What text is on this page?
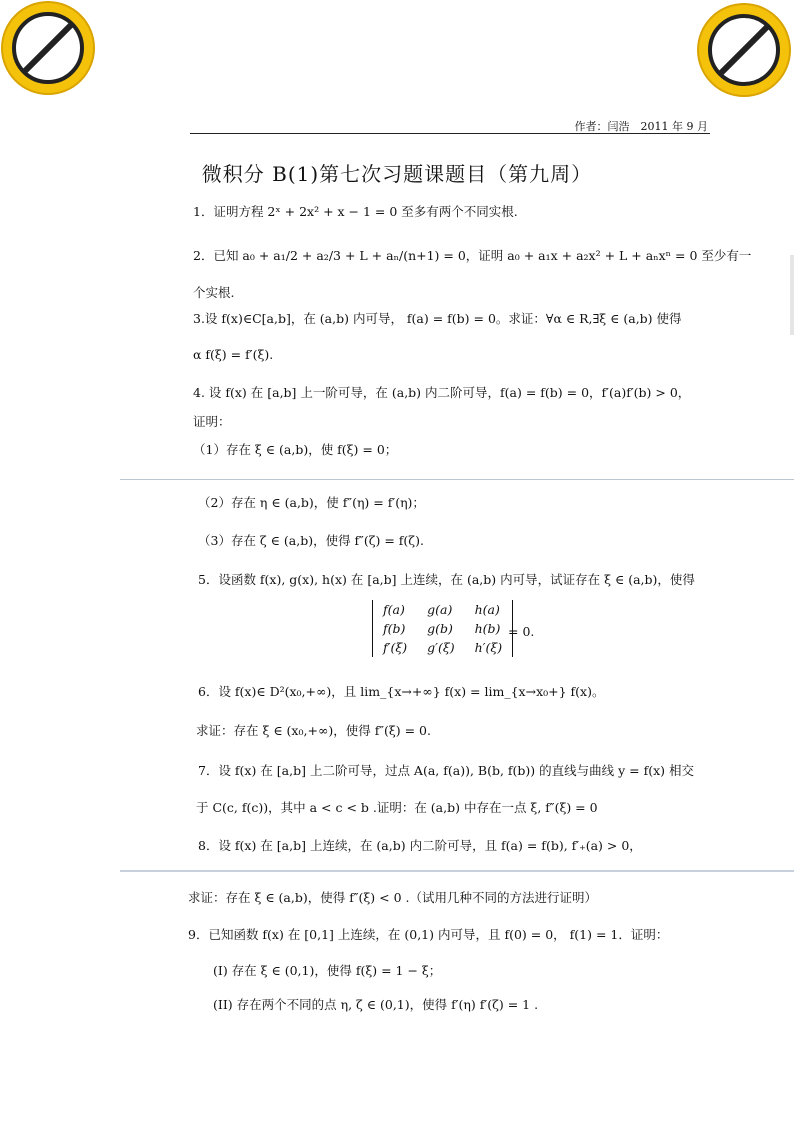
作者：闫浩　2011 年 9 月
微积分 B(1)第七次习题课题目（第九周）
1．证明方程 2ˣ + 2x² + x − 1 = 0 至多有两个不同实根.
2．已知 a₀ + a₁/2 + a₂/3 + L + aₙ/(n+1) = 0，证明 a₀ + a₁x + a₂x² + L + aₙxⁿ = 0 至少有一
个实根.
3.设 f(x)∈C[a,b]，在 (a,b) 内可导， f(a) = f(b) = 0。求证：∀α ∈ R,∃ξ ∈ (a,b) 使得
α f(ξ) = f′(ξ).
4. 设 f(x) 在 [a,b] 上一阶可导，在 (a,b) 内二阶可导，f(a) = f(b) = 0，f′(a)f′(b) > 0，
证明：
（1）存在 ξ ∈ (a,b)，使 f(ξ) = 0；
（2）存在 η ∈ (a,b)，使 f″(η) = f′(η)；
（3）存在 ζ ∈ (a,b)，使得 f″(ζ) = f(ζ).
5．设函数 f(x), g(x), h(x) 在 [a,b] 上连续，在 (a,b) 内可导，试证存在 ξ ∈ (a,b)，使得
f(a)	g(a)	h(a)
f(b)	g(b)	h(b)
f′(ξ)	g′(ξ)	h′(ξ)
= 0.
6．设 f(x)∈ D²(x₀,+∞)，且 lim_{x→+∞} f(x) = lim_{x→x₀+} f(x)。
求证：存在 ξ ∈ (x₀,+∞)，使得 f″(ξ) = 0.
7．设 f(x) 在 [a,b] 上二阶可导，过点 A(a, f(a)), B(b, f(b)) 的直线与曲线 y = f(x) 相交
于 C(c, f(c))，其中 a < c < b .证明：在 (a,b) 中存在一点 ξ, f″(ξ) = 0
8．设 f(x) 在 [a,b] 上连续，在 (a,b) 内二阶可导，且 f(a) = f(b), f′₊(a) > 0，
求证：存在 ξ ∈ (a,b)，使得 f″(ξ) < 0 .（试用几种不同的方法进行证明）
9．已知函数 f(x) 在 [0,1] 上连续，在 (0,1) 内可导，且 f(0) = 0， f(1) = 1．证明：
(I) 存在 ξ ∈ (0,1)，使得 f(ξ) = 1 − ξ；
(II) 存在两个不同的点 η, ζ ∈ (0,1)，使得 f′(η) f′(ζ) = 1 .
